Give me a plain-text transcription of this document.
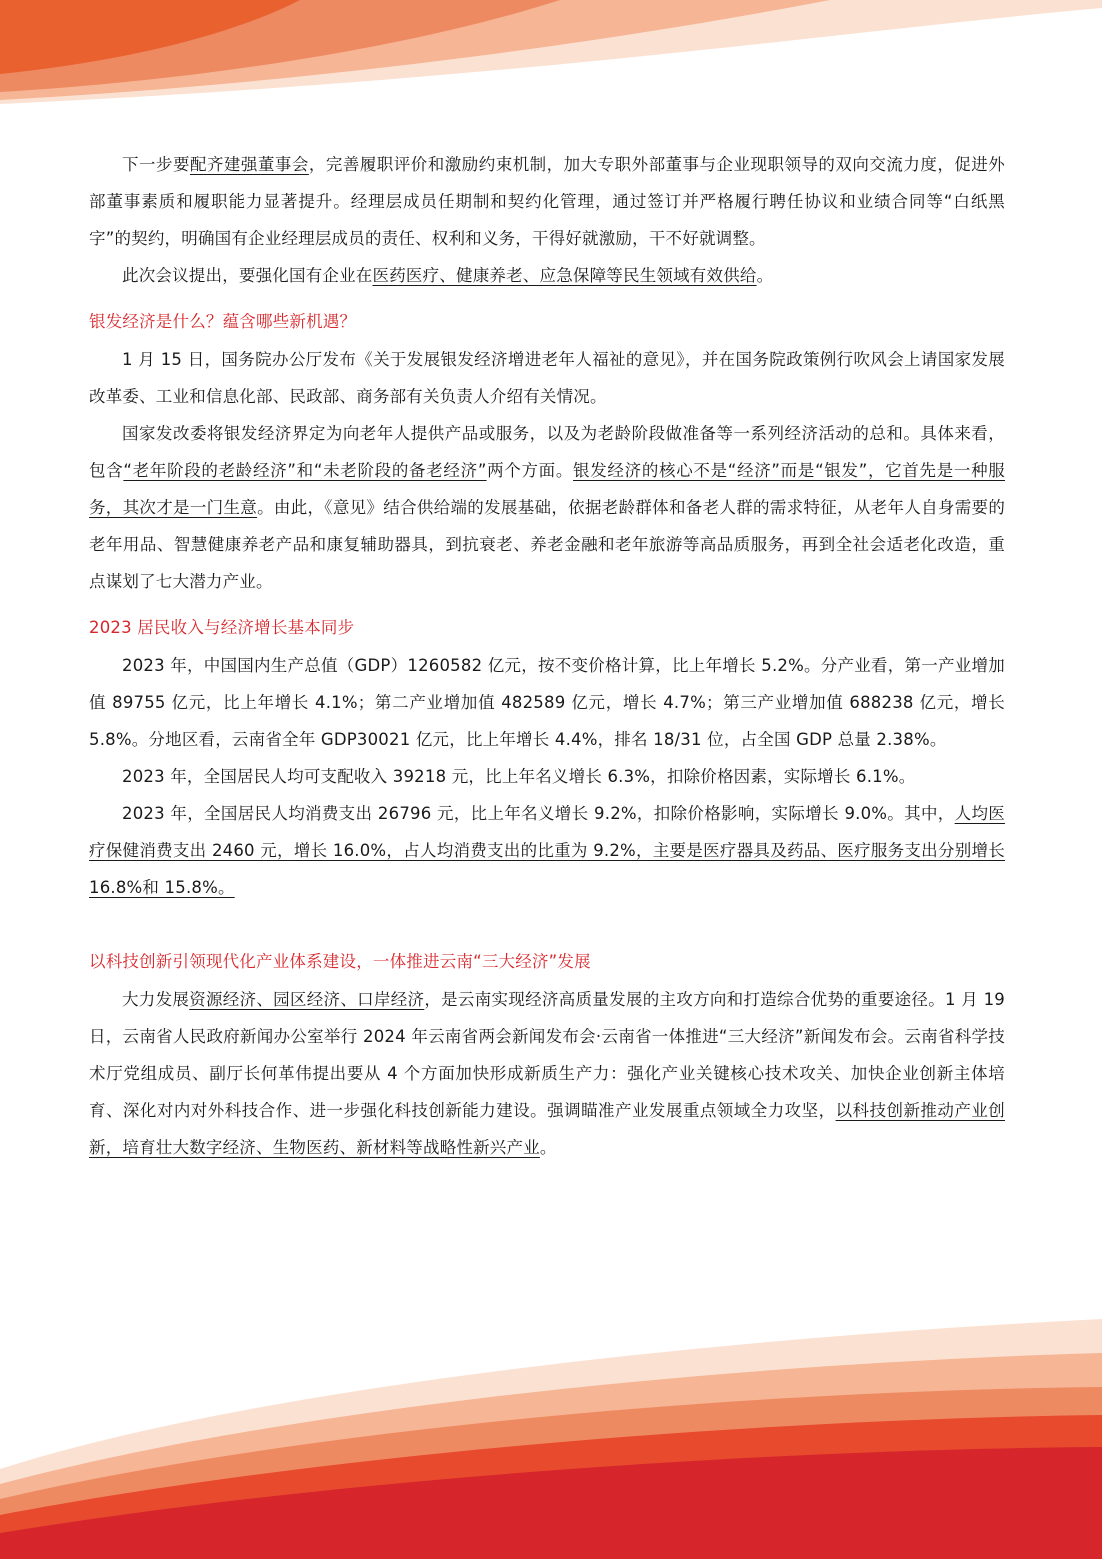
下一步要配齐建强董事会，完善履职评价和激励约束机制，加大专职外部董事与企业现职领导的双向交流力度，促进外部董事素质和履职能力显著提升。经理层成员任期制和契约化管理，通过签订并严格履行聘任协议和业绩合同等“白纸黑字”的契约，明确国有企业经理层成员的责任、权利和义务，干得好就激励，干不好就调整。

此次会议提出，要强化国有企业在医药医疗、健康养老、应急保障等民生领域有效供给。

银发经济是什么？蕴含哪些新机遇？

1 月 15 日，国务院办公厅发布《关于发展银发经济增进老年人福祉的意见》，并在国务院政策例行吹风会上请国家发展改革委、工业和信息化部、民政部、商务部有关负责人介绍有关情况。

国家发改委将银发经济界定为向老年人提供产品或服务，以及为老龄阶段做准备等一系列经济活动的总和。具体来看，包含“老年阶段的老龄经济”和“未老阶段的备老经济”两个方面。银发经济的核心不是“经济”而是“银发”，它首先是一种服务，其次才是一门生意。由此，《意见》结合供给端的发展基础，依据老龄群体和备老人群的需求特征，从老年人自身需要的老年用品、智慧健康养老产品和康复辅助器具，到抗衰老、养老金融和老年旅游等高品质服务，再到全社会适老化改造，重点谋划了七大潜力产业。

2023 居民收入与经济增长基本同步

2023 年，中国国内生产总值（GDP）1260582 亿元，按不变价格计算，比上年增长 5.2%。分产业看，第一产业增加值 89755 亿元，比上年增长 4.1%；第二产业增加值 482589 亿元，增长 4.7%；第三产业增加值 688238 亿元，增长 5.8%。分地区看，云南省全年 GDP30021 亿元，比上年增长 4.4%，排名 18/31 位，占全国 GDP 总量 2.38%。

2023 年，全国居民人均可支配收入 39218 元，比上年名义增长 6.3%，扣除价格因素，实际增长 6.1%。

2023 年，全国居民人均消费支出 26796 元，比上年名义增长 9.2%，扣除价格影响，实际增长 9.0%。其中，人均医疗保健消费支出 2460 元，增长 16.0%，占人均消费支出的比重为 9.2%，主要是医疗器具及药品、医疗服务支出分别增长 16.8%和 15.8%。

以科技创新引领现代化产业体系建设，一体推进云南“三大经济”发展

大力发展资源经济、园区经济、口岸经济，是云南实现经济高质量发展的主攻方向和打造综合优势的重要途径。1 月 19 日，云南省人民政府新闻办公室举行 2024 年云南省两会新闻发布会·云南省一体推进“三大经济”新闻发布会。云南省科学技术厅党组成员、副厅长何革伟提出要从 4 个方面加快形成新质生产力：强化产业关键核心技术攻关、加快企业创新主体培育、深化对内对外科技合作、进一步强化科技创新能力建设。强调瞄准产业发展重点领域全力攻坚，以科技创新推动产业创新，培育壮大数字经济、生物医药、新材料等战略性新兴产业。
